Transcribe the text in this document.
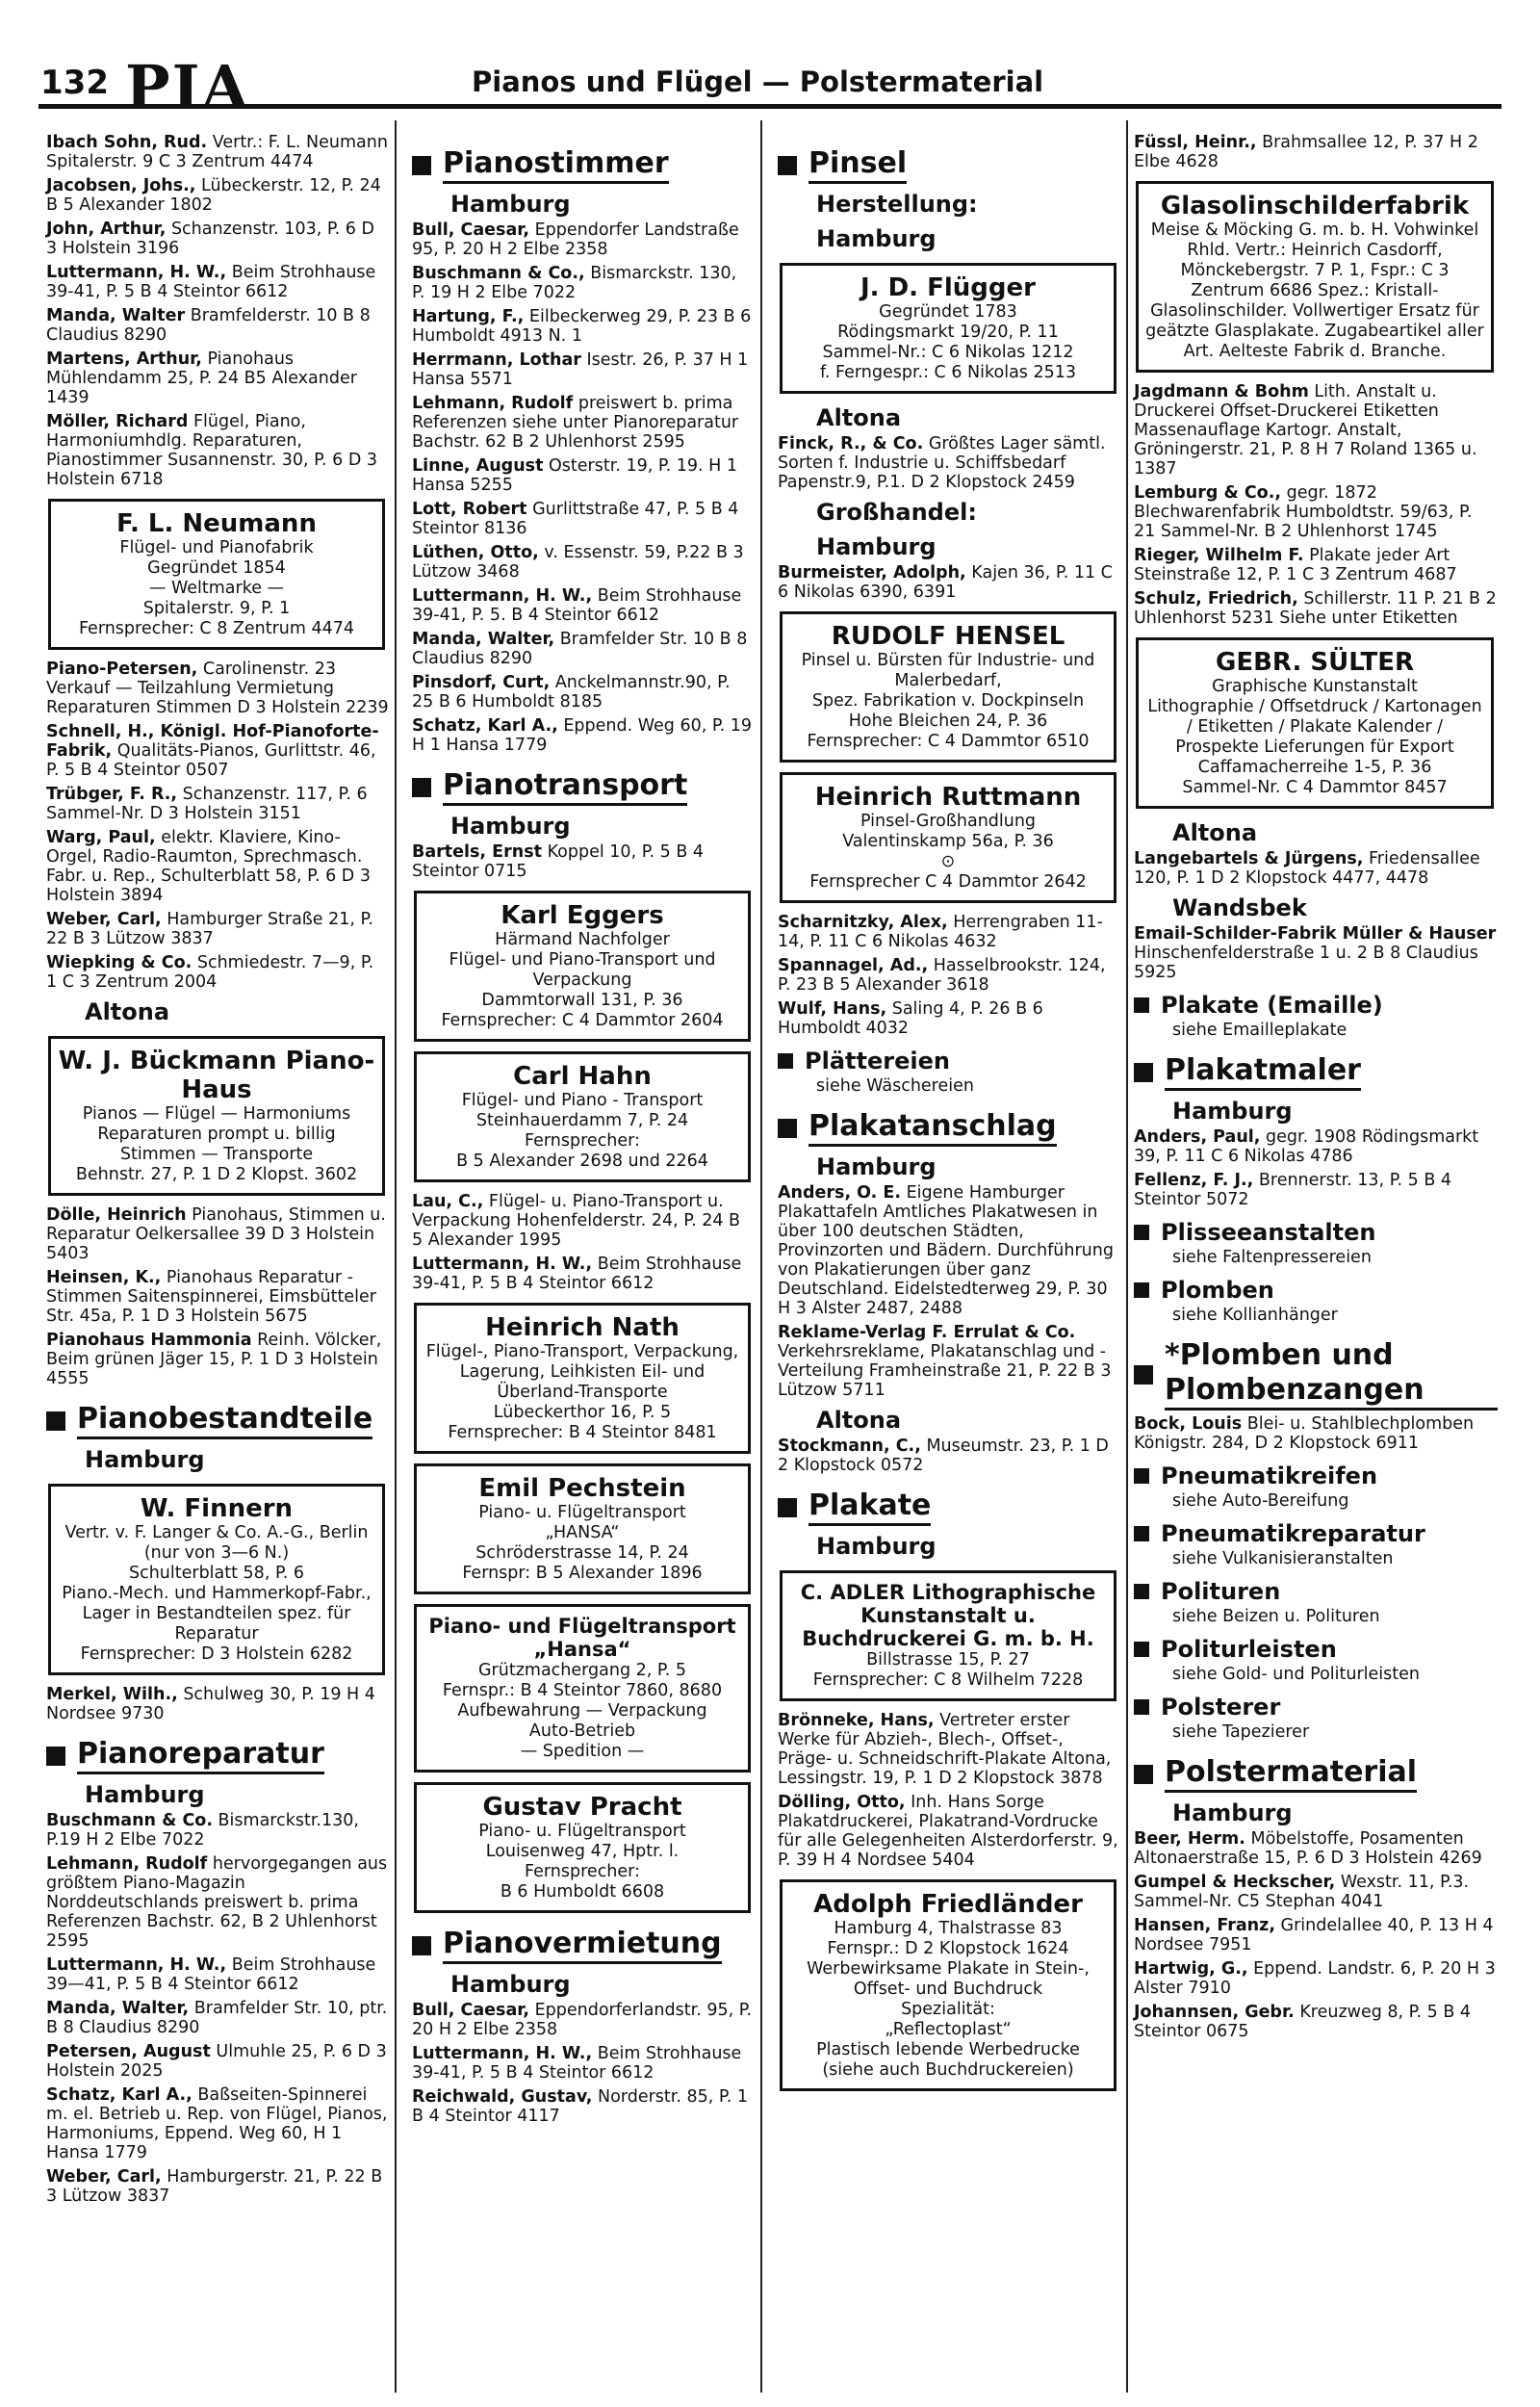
132 PIA	Pianos und Flügel — Polstermaterial
Ibach Sohn, Rud. Vertr.: F. L. Neumann Spitalerstr. 9 C 3 Zentrum 4474
Jacobsen, Johs., Lübeckerstr. 12, P. 24 B 5 Alexander 1802
John, Arthur, Schanzenstr. 103, P. 6 D 3 Holstein 3196
Luttermann, H. W., Beim Strohhause 39-41, P. 5 B 4 Steintor 6612
Manda, Walter Bramfelderstr. 10 B 8 Claudius 8290
Martens, Arthur, Pianohaus Mühlendamm 25, P. 24 B5 Alexander 1439
Möller, Richard Flügel, Piano, Harmoniumhdlg. Reparaturen, Pianostimmer Susannenstr. 30, P. 6 D 3 Holstein 6718
F. L. Neumann
Flügel- und Pianofabrik
Gegründet 1854
— Weltmarke —
Spitalerstr. 9, P. 1
Fernsprecher: C 8 Zentrum 4474
Piano-Petersen, Carolinenstr. 23 Verkauf — Teilzahlung Vermietung Reparaturen Stimmen D 3 Holstein 2239
Schnell, H., Königl. Hof-Pianoforte-Fabrik, Qualitäts-Pianos, Gurlittstr. 46, P. 5 B 4 Steintor 0507
Trübger, F. R., Schanzenstr. 117, P. 6 Sammel-Nr. D 3 Holstein 3151
Warg, Paul, elektr. Klaviere, Kino-Orgel, Radio-Raumton, Sprechmasch. Fabr. u. Rep., Schulterblatt 58, P. 6 D 3 Holstein 3894
Weber, Carl, Hamburger Straße 21, P. 22 B 3 Lützow 3837
Wiepking & Co. Schmiedestr. 7—9, P. 1 C 3 Zentrum 2004
Altona
W. J. Bückmann Piano-Haus
Pianos — Flügel — Harmoniums
Reparaturen prompt u. billig
Stimmen — Transporte
Behnstr. 27, P. 1 D 2 Klopst. 3602
Dölle, Heinrich Pianohaus, Stimmen u. Reparatur Oelkersallee 39 D 3 Holstein 5403
Heinsen, K., Pianohaus Reparatur - Stimmen Saitenspinnerei, Eimsbütteler Str. 45a, P. 1 D 3 Holstein 5675
Pianohaus Hammonia Reinh. Völcker, Beim grünen Jäger 15, P. 1 D 3 Holstein 4555
Pianobestandteile
Hamburg
W. Finnern
Vertr. v. F. Langer & Co. A.-G., Berlin
(nur von 3—6 N.)
Schulterblatt 58, P. 6
Piano.-Mech. und Hammerkopf-Fabr., Lager in Bestandteilen spez. für Reparatur
Fernsprecher: D 3 Holstein 6282
Merkel, Wilh., Schulweg 30, P. 19 H 4 Nordsee 9730
Pianoreparatur
Hamburg
Buschmann & Co. Bismarckstr.130, P.19 H 2 Elbe 7022
Lehmann, Rudolf hervorgegangen aus größtem Piano-Magazin Norddeutschlands preiswert b. prima Referenzen Bachstr. 62, B 2 Uhlenhorst 2595
Luttermann, H. W., Beim Strohhause 39—41, P. 5 B 4 Steintor 6612
Manda, Walter, Bramfelder Str. 10, ptr. B 8 Claudius 8290
Petersen, August Ulmuhle 25, P. 6 D 3 Holstein 2025
Schatz, Karl A., Baßseiten-Spinnerei m. el. Betrieb u. Rep. von Flügel, Pianos, Harmoniums, Eppend. Weg 60, H 1 Hansa 1779
Weber, Carl, Hamburgerstr. 21, P. 22 B 3 Lützow 3837
Pianostimmer
Hamburg
Bull, Caesar, Eppendorfer Landstraße 95, P. 20 H 2 Elbe 2358
Buschmann & Co., Bismarckstr. 130, P. 19 H 2 Elbe 7022
Hartung, F., Eilbeckerweg 29, P. 23 B 6 Humboldt 4913 N. 1
Herrmann, Lothar Isestr. 26, P. 37 H 1 Hansa 5571
Lehmann, Rudolf preiswert b. prima Referenzen siehe unter Pianoreparatur Bachstr. 62 B 2 Uhlenhorst 2595
Linne, August Osterstr. 19, P. 19. H 1 Hansa 5255
Lott, Robert Gurlittstraße 47, P. 5 B 4 Steintor 8136
Lüthen, Otto, v. Essenstr. 59, P.22 B 3 Lützow 3468
Luttermann, H. W., Beim Strohhause 39-41, P. 5. B 4 Steintor 6612
Manda, Walter, Bramfelder Str. 10 B 8 Claudius 8290
Pinsdorf, Curt, Anckelmannstr.90, P. 25 B 6 Humboldt 8185
Schatz, Karl A., Eppend. Weg 60, P. 19 H 1 Hansa 1779
Pianotransport
Hamburg
Bartels, Ernst Koppel 10, P. 5 B 4 Steintor 0715
Karl Eggers
Härmand Nachfolger
Flügel- und Piano-Transport und Verpackung
Dammtorwall 131, P. 36
Fernsprecher: C 4 Dammtor 2604
Carl Hahn
Flügel- und Piano - Transport
Steinhauerdamm 7, P. 24
Fernsprecher:
B 5 Alexander 2698 und 2264
Lau, C., Flügel- u. Piano-Transport u. Verpackung Hohenfelderstr. 24, P. 24 B 5 Alexander 1995
Luttermann, H. W., Beim Strohhause 39-41, P. 5 B 4 Steintor 6612
Heinrich Nath
Flügel-, Piano-Transport, Verpackung, Lagerung, Leihkisten Eil- und Überland-Transporte
Lübeckerthor 16, P. 5
Fernsprecher: B 4 Steintor 8481
Emil Pechstein
Piano- u. Flügeltransport
„HANSA“
Schröderstrasse 14, P. 24
Fernspr: B 5 Alexander 1896
Piano- und Flügeltransport „Hansa“
Grützmachergang 2, P. 5
Fernspr.: B 4 Steintor 7860, 8680
Aufbewahrung — Verpackung
Auto-Betrieb
— Spedition —
Gustav Pracht
Piano- u. Flügeltransport
Louisenweg 47, Hptr. l.
Fernsprecher:
B 6 Humboldt 6608
Pianovermietung
Hamburg
Bull, Caesar, Eppendorferlandstr. 95, P. 20 H 2 Elbe 2358
Luttermann, H. W., Beim Strohhause 39-41, P. 5 B 4 Steintor 6612
Reichwald, Gustav, Norderstr. 85, P. 1 B 4 Steintor 4117
Pinsel
Herstellung:
Hamburg
J. D. Flügger
Gegründet 1783
Rödingsmarkt 19/20, P. 11
Sammel-Nr.: C 6 Nikolas 1212
f. Ferngespr.: C 6 Nikolas 2513
Altona
Finck, R., & Co. Größtes Lager sämtl. Sorten f. Industrie u. Schiffsbedarf Papenstr.9, P.1. D 2 Klopstock 2459
Großhandel:
Hamburg
Burmeister, Adolph, Kajen 36, P. 11 C 6 Nikolas 6390, 6391
RUDOLF HENSEL
Pinsel u. Bürsten für Industrie- und Malerbedarf,
Spez. Fabrikation v. Dockpinseln
Hohe Bleichen 24, P. 36
Fernsprecher: C 4 Dammtor 6510
Heinrich Ruttmann
Pinsel-Großhandlung
Valentinskamp 56a, P. 36
⊙
Fernsprecher C 4 Dammtor 2642
Scharnitzky, Alex, Herrengraben 11-14, P. 11 C 6 Nikolas 4632
Spannagel, Ad., Hasselbrookstr. 124, P. 23 B 5 Alexander 3618
Wulf, Hans, Saling 4, P. 26 B 6 Humboldt 4032
Plättereien
siehe Wäschereien
Plakatanschlag
Hamburg
Anders, O. E. Eigene Hamburger Plakattafeln Amtliches Plakatwesen in über 100 deutschen Städten, Provinzorten und Bädern. Durchführung von Plakatierungen über ganz Deutschland. Eidelstedterweg 29, P. 30 H 3 Alster 2487, 2488
Reklame-Verlag F. Errulat & Co. Verkehrsreklame, Plakatanschlag und -Verteilung Framheinstraße 21, P. 22 B 3 Lützow 5711
Altona
Stockmann, C., Museumstr. 23, P. 1 D 2 Klopstock 0572
Plakate
Hamburg
C. ADLER Lithographische Kunstanstalt u. Buchdruckerei G. m. b. H.
Billstrasse 15, P. 27
Fernsprecher: C 8 Wilhelm 7228
Brönneke, Hans, Vertreter erster Werke für Abzieh-, Blech-, Offset-, Präge- u. Schneidschrift-Plakate Altona, Lessingstr. 19, P. 1 D 2 Klopstock 3878
Dölling, Otto, Inh. Hans Sorge Plakatdruckerei, Plakatrand-Vordrucke für alle Gelegenheiten Alsterdorferstr. 9, P. 39 H 4 Nordsee 5404
Adolph Friedländer
Hamburg 4, Thalstrasse 83
Fernspr.: D 2 Klopstock 1624
Werbewirksame Plakate in Stein-, Offset- und Buchdruck
Spezialität:
„Reflectoplast“
Plastisch lebende Werbedrucke
(siehe auch Buchdruckereien)
Füssl, Heinr., Brahmsallee 12, P. 37 H 2 Elbe 4628
Glasolinschilderfabrik
Meise & Möcking G. m. b. H. Vohwinkel Rhld. Vertr.: Heinrich Casdorff, Mönckebergstr. 7 P. 1, Fspr.: C 3 Zentrum 6686 Spez.: Kristall-Glasolinschilder. Vollwertiger Ersatz für geätzte Glasplakate. Zugabeartikel aller Art. Aelteste Fabrik d. Branche.
Jagdmann & Bohm Lith. Anstalt u. Druckerei Offset-Druckerei Etiketten Massenauflage Kartogr. Anstalt, Gröningerstr. 21, P. 8 H 7 Roland 1365 u. 1387
Lemburg & Co., gegr. 1872 Blechwarenfabrik Humboldtstr. 59/63, P. 21 Sammel-Nr. B 2 Uhlenhorst 1745
Rieger, Wilhelm F. Plakate jeder Art Steinstraße 12, P. 1 C 3 Zentrum 4687
Schulz, Friedrich, Schillerstr. 11 P. 21 B 2 Uhlenhorst 5231 Siehe unter Etiketten
GEBR. SÜLTER
Graphische Kunstanstalt
Lithographie / Offsetdruck / Kartonagen / Etiketten / Plakate Kalender / Prospekte Lieferungen für Export
Caffamacherreihe 1-5, P. 36
Sammel-Nr. C 4 Dammtor 8457
Altona
Langebartels & Jürgens, Friedensallee 120, P. 1 D 2 Klopstock 4477, 4478
Wandsbek
Email-Schilder-Fabrik Müller & Hauser Hinschenfelderstraße 1 u. 2 B 8 Claudius 5925
Plakate (Emaille)
siehe Emailleplakate
Plakatmaler
Hamburg
Anders, Paul, gegr. 1908 Rödingsmarkt 39, P. 11 C 6 Nikolas 4786
Fellenz, F. J., Brennerstr. 13, P. 5 B 4 Steintor 5072
Plisseeanstalten
siehe Faltenpressereien
Plomben
siehe Kollianhänger
*Plomben und Plombenzangen
Bock, Louis Blei- u. Stahlblechplomben Königstr. 284, D 2 Klopstock 6911
Pneumatikreifen
siehe Auto-Bereifung
Pneumatikreparatur
siehe Vulkanisieranstalten
Polituren
siehe Beizen u. Polituren
Politurleisten
siehe Gold- und Politurleisten
Polsterer
siehe Tapezierer
Polstermaterial
Hamburg
Beer, Herm. Möbelstoffe, Posamenten Altonaerstraße 15, P. 6 D 3 Holstein 4269
Gumpel & Heckscher, Wexstr. 11, P.3. Sammel-Nr. C5 Stephan 4041
Hansen, Franz, Grindelallee 40, P. 13 H 4 Nordsee 7951
Hartwig, G., Eppend. Landstr. 6, P. 20 H 3 Alster 7910
Johannsen, Gebr. Kreuzweg 8, P. 5 B 4 Steintor 0675
